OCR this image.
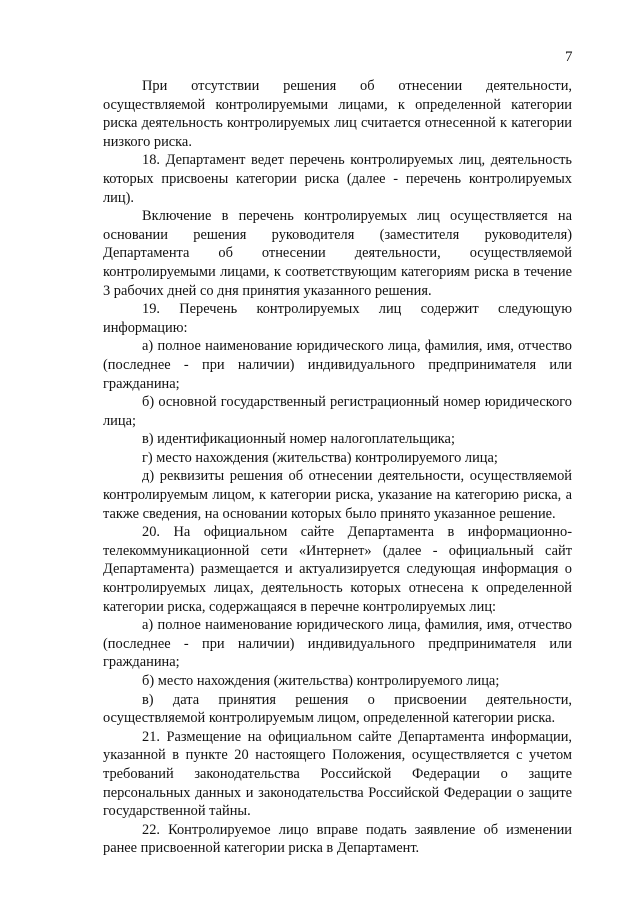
7

При отсутствии решения об отнесении деятельности, осуществляемой контролируемыми лицами, к определенной категории риска деятельность контролируемых лиц считается отнесенной к категории низкого риска.

18. Департамент ведет перечень контролируемых лиц, деятельность которых присвоены категории риска (далее - перечень контролируемых лиц).

Включение в перечень контролируемых лиц осуществляется на основании решения руководителя (заместителя руководителя) Департамента об отнесении деятельности, осуществляемой контролируемыми лицами, к соответствующим категориям риска в течение 3 рабочих дней со дня принятия указанного решения.

19. Перечень контролируемых лиц содержит следующую информацию:

а) полное наименование юридического лица, фамилия, имя, отчество (последнее - при наличии) индивидуального предпринимателя или гражданина;

б) основной государственный регистрационный номер юридического лица;

в) идентификационный номер налогоплательщика;

г) место нахождения (жительства) контролируемого лица;

д) реквизиты решения об отнесении деятельности, осуществляемой контролируемым лицом, к категории риска, указание на категорию риска, а также сведения, на основании которых было принято указанное решение.

20. На официальном сайте Департамента в информационно-телекоммуникационной сети «Интернет» (далее - официальный сайт Департамента) размещается и актуализируется следующая информация о контролируемых лицах, деятельность которых отнесена к определенной категории риска, содержащаяся в перечне контролируемых лиц:

а) полное наименование юридического лица, фамилия, имя, отчество (последнее - при наличии) индивидуального предпринимателя или гражданина;

б) место нахождения (жительства) контролируемого лица;

в) дата принятия решения о присвоении деятельности, осуществляемой контролируемым лицом, определенной категории риска.

21. Размещение на официальном сайте Департамента информации, указанной в пункте 20 настоящего Положения, осуществляется с учетом требований законодательства Российской Федерации о защите персональных данных и законодательства Российской Федерации о защите государственной тайны.

22. Контролируемое лицо вправе подать заявление об изменении ранее присвоенной категории риска в Департамент.
